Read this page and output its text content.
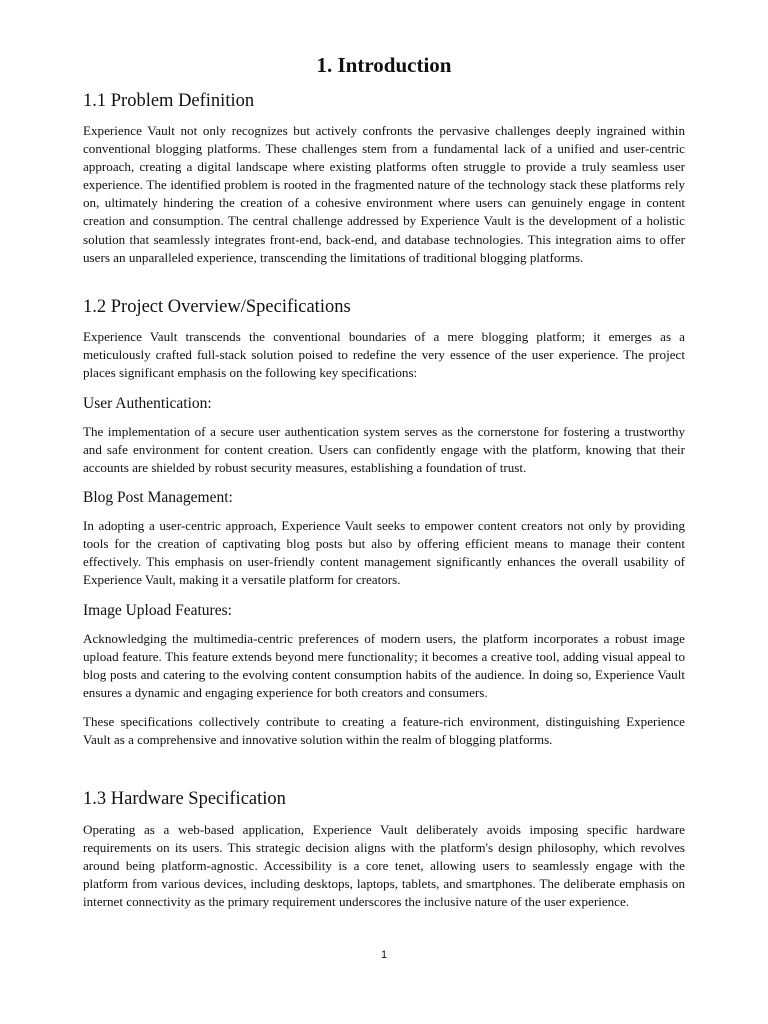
1. Introduction
1.1 Problem Definition

Experience Vault not only recognizes but actively confronts the pervasive challenges deeply ingrained within conventional blogging platforms. These challenges stem from a fundamental lack of a unified and user-centric approach, creating a digital landscape where existing platforms often struggle to provide a truly seamless user experience. The identified problem is rooted in the fragmented nature of the technology stack these platforms rely on, ultimately hindering the creation of a cohesive environment where users can genuinely engage in content creation and consumption. The central challenge addressed by Experience Vault is the development of a holistic solution that seamlessly integrates front-end, back-end, and database technologies. This integration aims to offer users an unparalleled experience, transcending the limitations of traditional blogging platforms.

1.2 Project Overview/Specifications

Experience Vault transcends the conventional boundaries of a mere blogging platform; it emerges as a meticulously crafted full-stack solution poised to redefine the very essence of the user experience. The project places significant emphasis on the following key specifications:

User Authentication:

The implementation of a secure user authentication system serves as the cornerstone for fostering a trustworthy and safe environment for content creation. Users can confidently engage with the platform, knowing that their accounts are shielded by robust security measures, establishing a foundation of trust.

Blog Post Management:

In adopting a user-centric approach, Experience Vault seeks to empower content creators not only by providing tools for the creation of captivating blog posts but also by offering efficient means to manage their content effectively. This emphasis on user-friendly content management significantly enhances the overall usability of Experience Vault, making it a versatile platform for creators.

Image Upload Features:

Acknowledging the multimedia-centric preferences of modern users, the platform incorporates a robust image upload feature. This feature extends beyond mere functionality; it becomes a creative tool, adding visual appeal to blog posts and catering to the evolving content consumption habits of the audience. In doing so, Experience Vault ensures a dynamic and engaging experience for both creators and consumers.

These specifications collectively contribute to creating a feature-rich environment, distinguishing Experience Vault as a comprehensive and innovative solution within the realm of blogging platforms.

1.3 Hardware Specification

Operating as a web-based application, Experience Vault deliberately avoids imposing specific hardware requirements on its users. This strategic decision aligns with the platform's design philosophy, which revolves around being platform-agnostic. Accessibility is a core tenet, allowing users to seamlessly engage with the platform from various devices, including desktops, laptops, tablets, and smartphones. The deliberate emphasis on internet connectivity as the primary requirement underscores the inclusive nature of the user experience.

1
